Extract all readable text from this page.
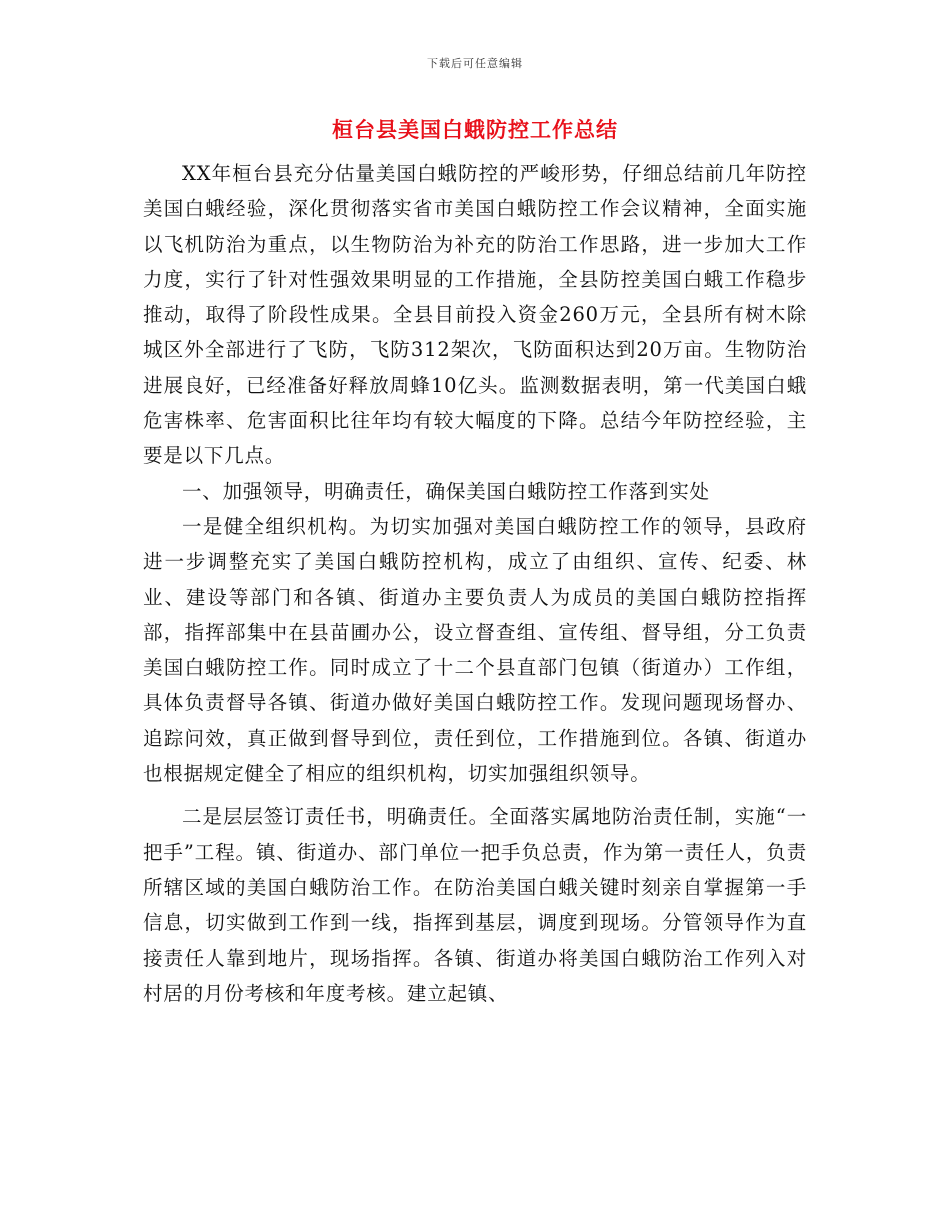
下载后可任意编辑
桓台县美国白蛾防控工作总结

XX年桓台县充分估量美国白蛾防控的严峻形势，仔细总结前几年防控美国白蛾经验，深化贯彻落实省市美国白蛾防控工作会议精神，全面实施以飞机防治为重点，以生物防治为补充的防治工作思路，进一步加大工作力度，实行了针对性强效果明显的工作措施，全县防控美国白蛾工作稳步推动，取得了阶段性成果。全县目前投入资金260万元，全县所有树木除城区外全部进行了飞防，飞防312架次，飞防面积达到20万亩。生物防治进展良好，已经准备好释放周蜂10亿头。监测数据表明，第一代美国白蛾危害株率、危害面积比往年均有较大幅度的下降。总结今年防控经验，主要是以下几点。

一、加强领导，明确责任，确保美国白蛾防控工作落到实处

一是健全组织机构。为切实加强对美国白蛾防控工作的领导，县政府进一步调整充实了美国白蛾防控机构，成立了由组织、宣传、纪委、林业、建设等部门和各镇、街道办主要负责人为成员的美国白蛾防控指挥部，指挥部集中在县苗圃办公，设立督查组、宣传组、督导组，分工负责美国白蛾防控工作。同时成立了十二个县直部门包镇（街道办）工作组，具体负责督导各镇、街道办做好美国白蛾防控工作。发现问题现场督办、追踪问效，真正做到督导到位，责任到位，工作措施到位。各镇、街道办也根据规定健全了相应的组织机构，切实加强组织领导。

二是层层签订责任书，明确责任。全面落实属地防治责任制，实施“一把手”工程。镇、街道办、部门单位一把手负总责，作为第一责任人，负责所辖区域的美国白蛾防治工作。在防治美国白蛾关键时刻亲自掌握第一手信息，切实做到工作到一线，指挥到基层，调度到现场。分管领导作为直接责任人靠到地片，现场指挥。各镇、街道办将美国白蛾防治工作列入对村居的月份考核和年度考核。建立起镇、
